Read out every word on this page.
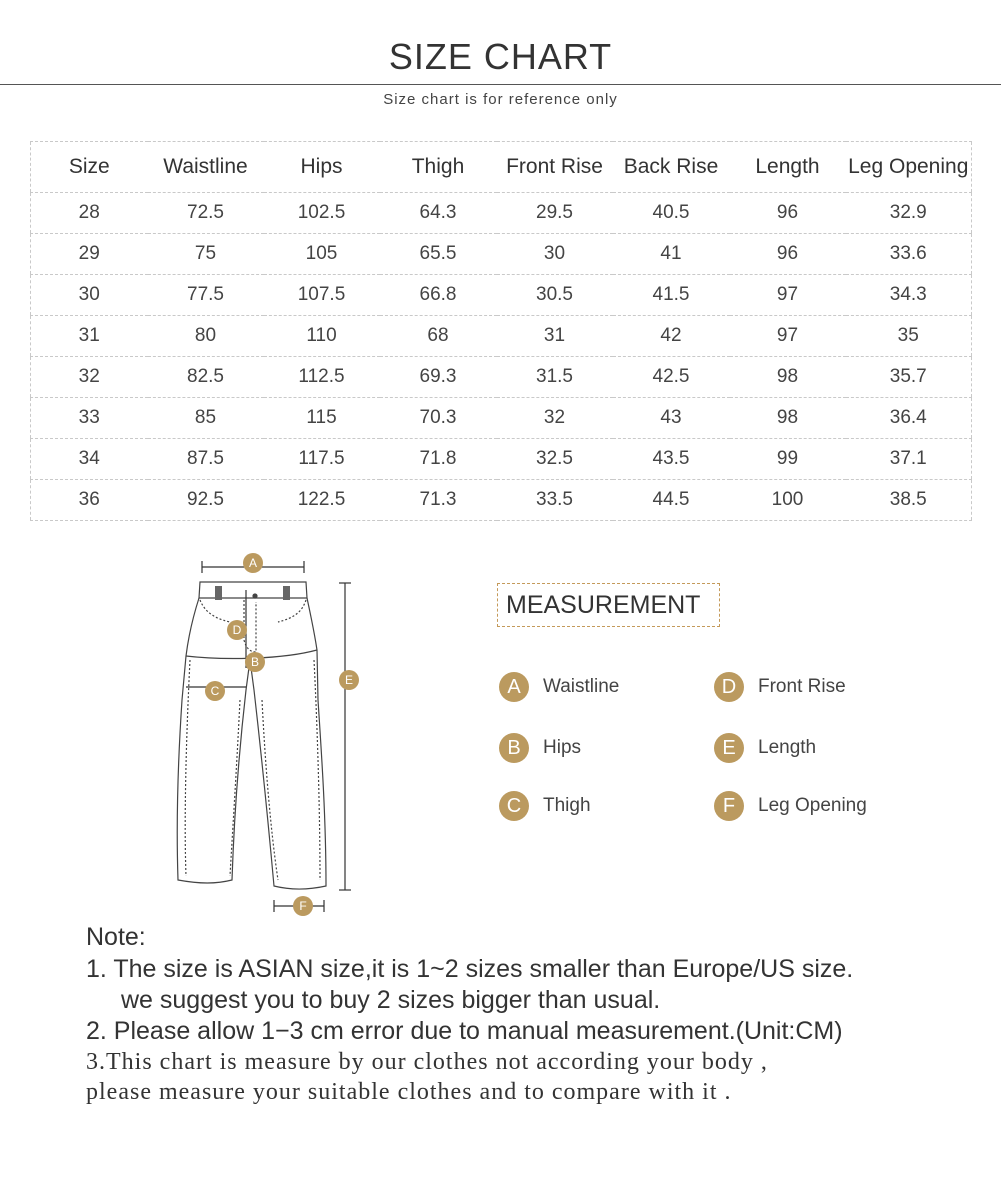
SIZE CHART
Size chart is for reference only
Size	Waistline	Hips	Thigh	Front Rise	Back Rise	Length	Leg Opening
28	72.5	102.5	64.3	29.5	40.5	96	32.9
29	75	105	65.5	30	41	96	33.6
30	77.5	107.5	66.8	30.5	41.5	97	34.3
31	80	110	68	31	42	97	35
32	82.5	112.5	69.3	31.5	42.5	98	35.7
33	85	115	70.3	32	43	98	36.4
34	87.5	117.5	71.8	32.5	43.5	99	37.1
36	92.5	122.5	71.3	33.5	44.5	100	38.5
A
D
B
C
E
F
MEASUREMENT
A	Waistline
B	Hips
C	Thigh
D	Front Rise
E	Length
F	Leg Opening
Note:
1. The size is ASIAN size,it is 1~2 sizes smaller than Europe/US size.
we suggest you to buy 2 sizes bigger than usual.
2. Please allow 1−3 cm error due to manual measurement.(Unit:CM)
3.This chart is measure by our clothes not according your body ,
please measure your suitable clothes and to compare with it .
